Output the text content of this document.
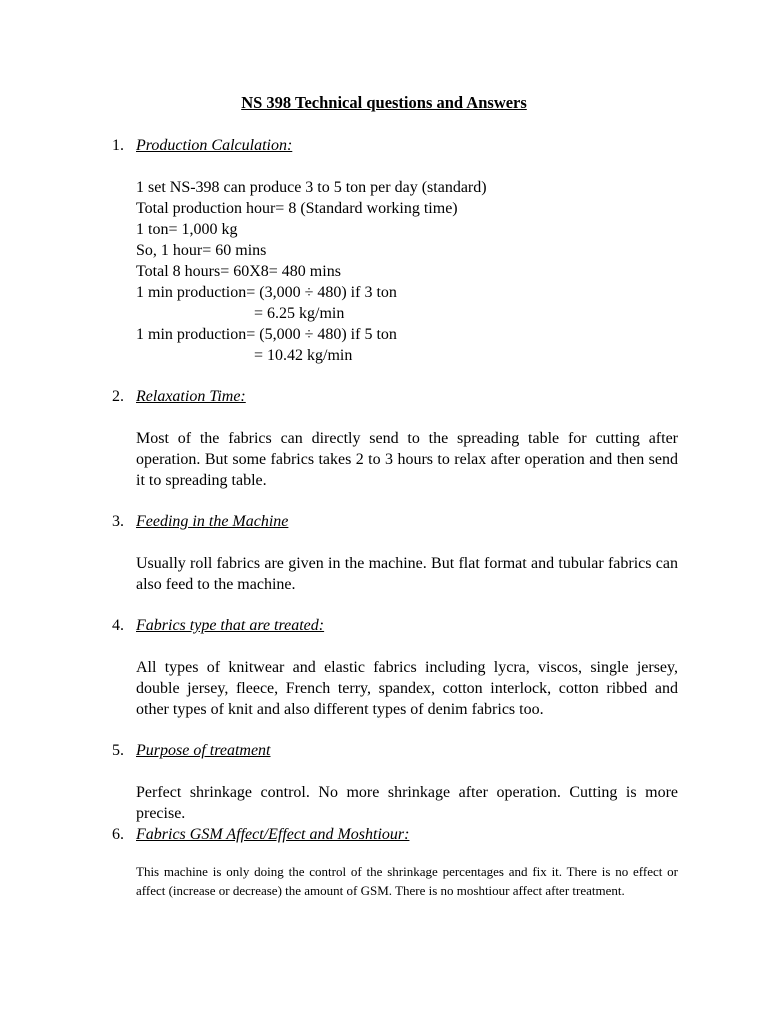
NS 398 Technical questions and Answers
1. Production Calculation:
1 set NS-398 can produce 3 to 5 ton per day (standard)
Total production hour= 8 (Standard working time)
1 ton= 1,000 kg
So, 1 hour= 60 mins
Total 8 hours= 60X8= 480 mins
1 min production= (3,000 ÷ 480) if 3 ton
= 6.25 kg/min
1 min production= (5,000 ÷ 480) if 5 ton
= 10.42 kg/min
2. Relaxation Time:
Most of the fabrics can directly send to the spreading table for cutting after operation. But some fabrics takes 2 to 3 hours to relax after operation and then send it to spreading table.
3. Feeding in the Machine
Usually roll fabrics are given in the machine. But flat format and tubular fabrics can also feed to the machine.
4. Fabrics type that are treated:
All types of knitwear and elastic fabrics including lycra, viscos, single jersey, double jersey, fleece, French terry, spandex, cotton interlock, cotton ribbed and other types of knit and also different types of denim fabrics too.
5. Purpose of treatment
Perfect shrinkage control. No more shrinkage after operation. Cutting is more precise.
6. Fabrics GSM Affect/Effect and Moshtiour:
This machine is only doing the control of the shrinkage percentages and fix it. There is no effect or affect (increase or decrease) the amount of GSM. There is no moshtiour affect after treatment.
